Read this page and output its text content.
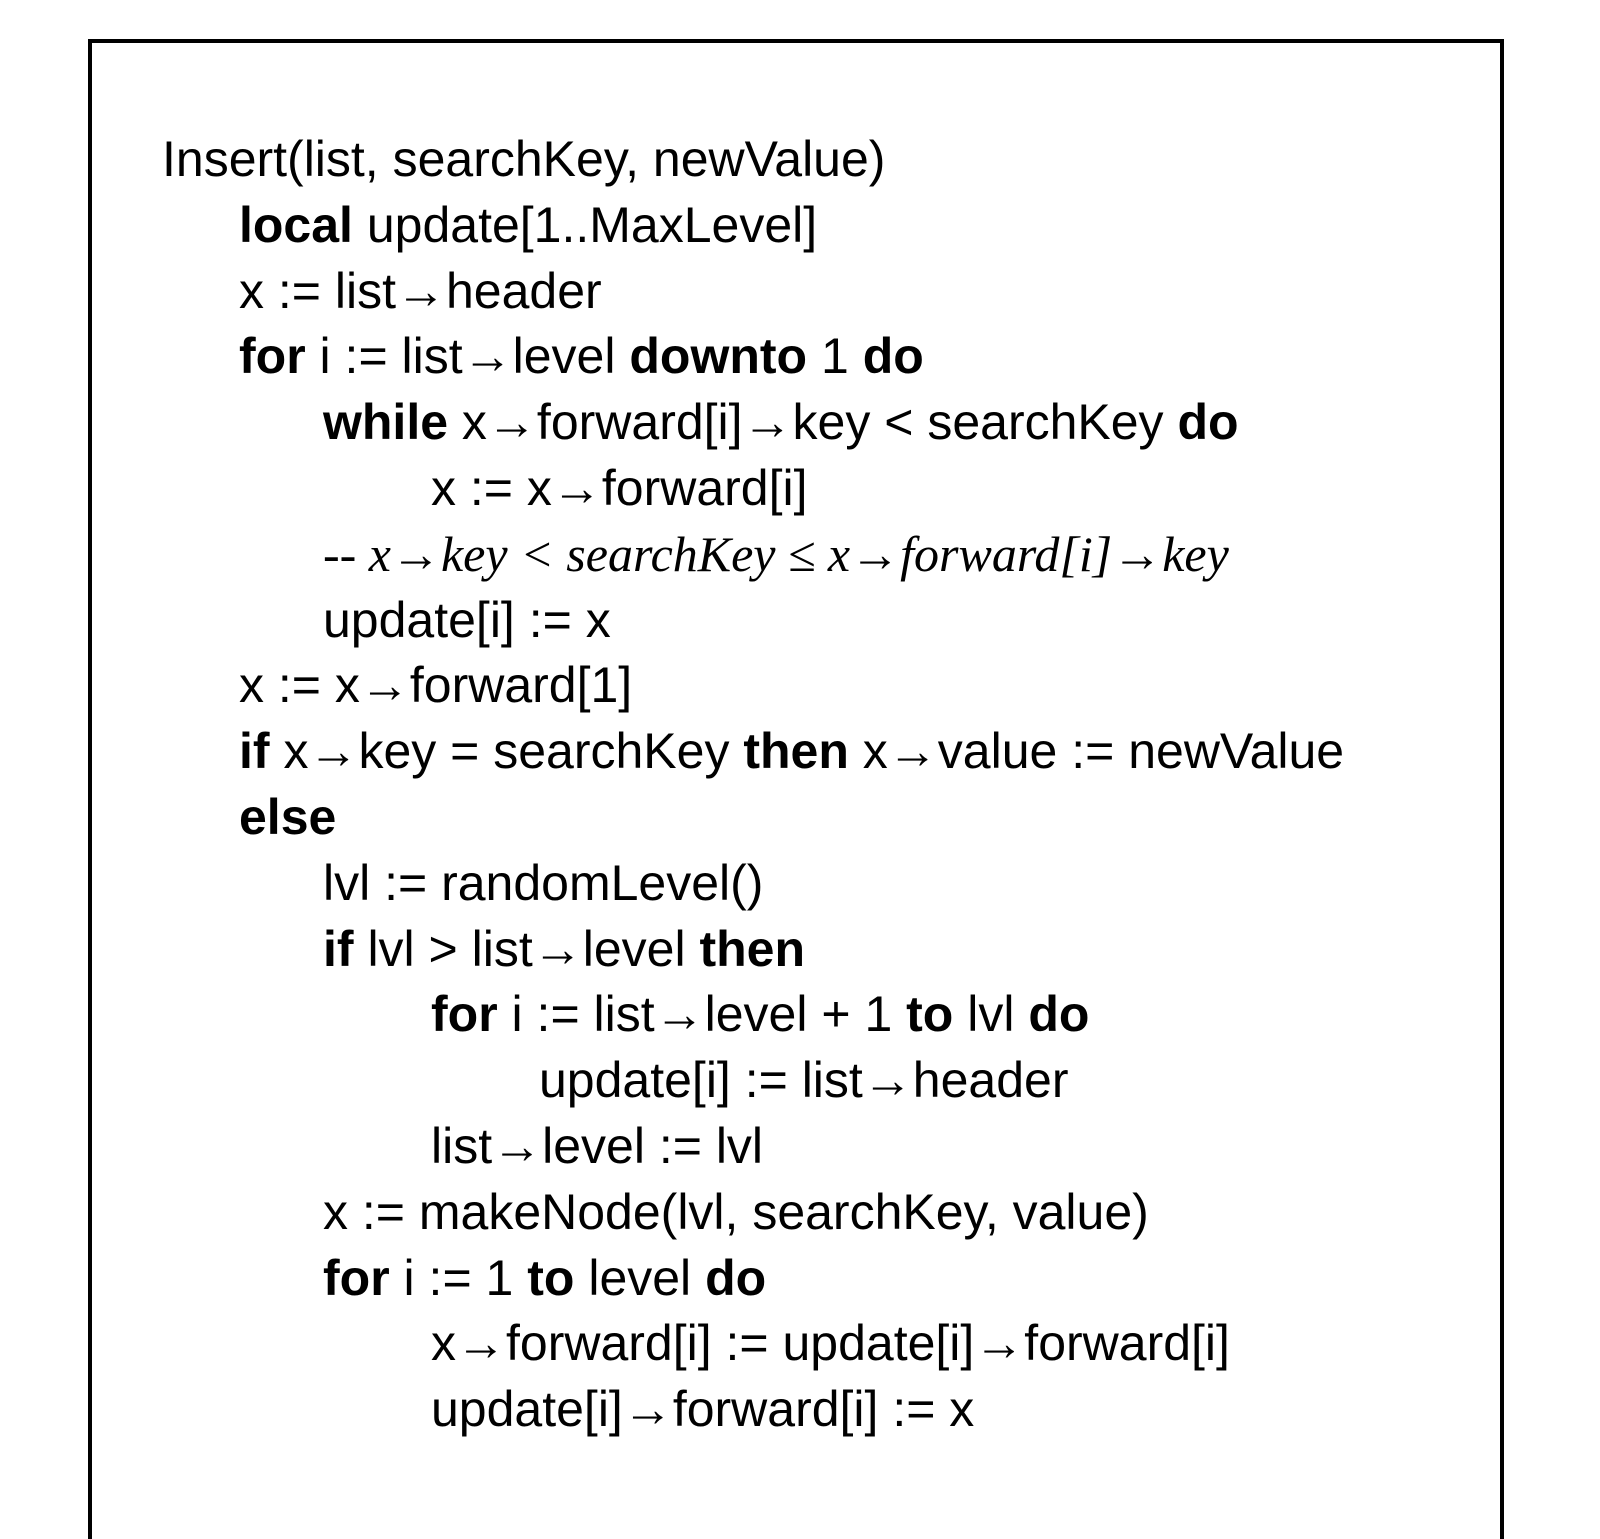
Insert(list, searchKey, newValue)
local update[1..MaxLevel]
x := list→header
for i := list→level downto 1 do
while x→forward[i]→key < searchKey do
x := x→forward[i]
-- x→key < searchKey ≤ x→forward[i]→key
update[i] := x
x := x→forward[1]
if x→key = searchKey then x→value := newValue
else
lvl := randomLevel()
if lvl > list→level then
for i := list→level + 1 to lvl do
update[i] := list→header
list→level := lvl
x := makeNode(lvl, searchKey, value)
for i := 1 to level do
x→forward[i] := update[i]→forward[i]
update[i]→forward[i] := x
